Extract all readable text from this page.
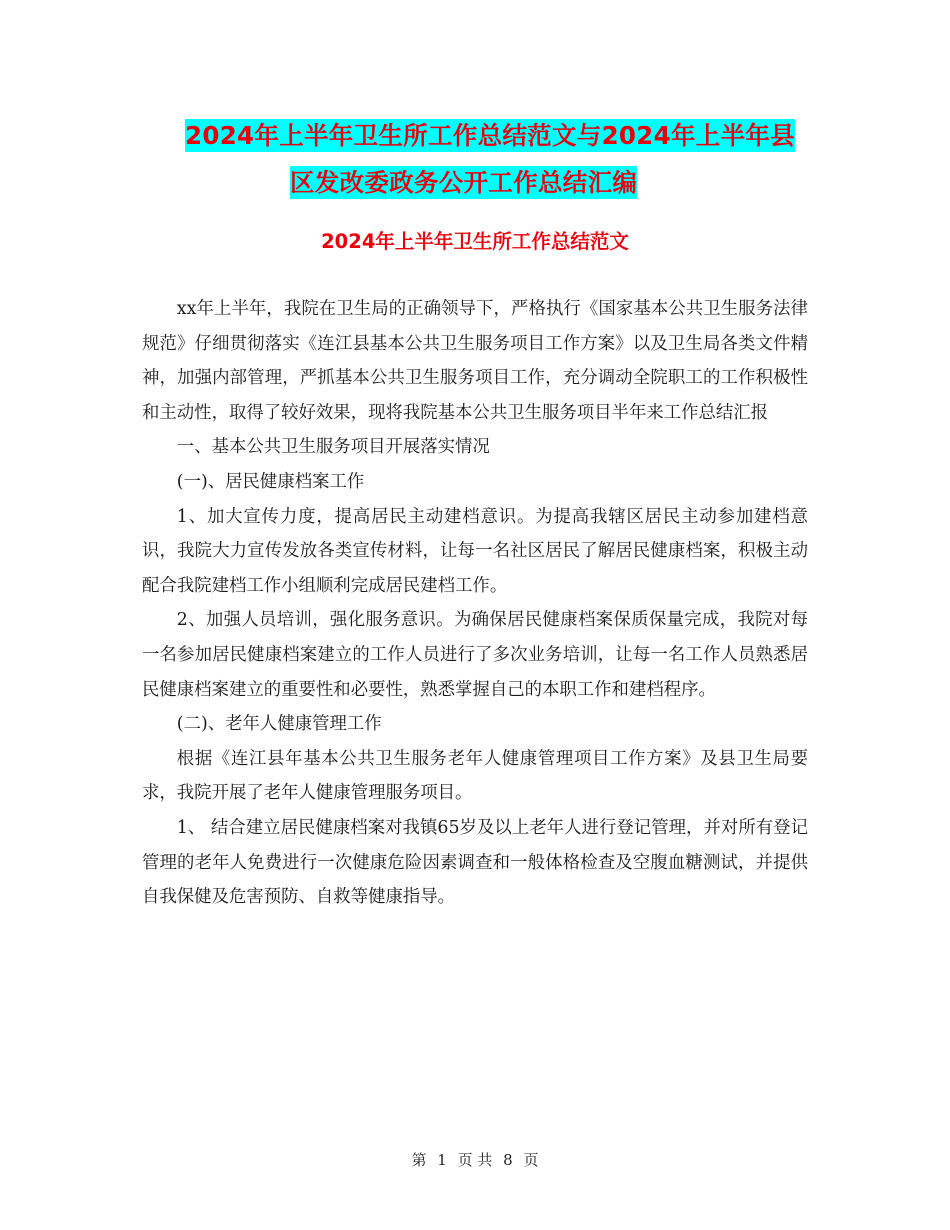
2024年上半年卫生所工作总结范文与2024年上半年县
区发改委政务公开工作总结汇编
2024年上半年卫生所工作总结范文

xx年上半年，我院在卫生局的正确领导下，严格执行《国家基本公共卫生服务法律规范》仔细贯彻落实《连江县基本公共卫生服务项目工作方案》以及卫生局各类文件精神，加强内部管理，严抓基本公共卫生服务项目工作，充分调动全院职工的工作积极性和主动性，取得了较好效果，现将我院基本公共卫生服务项目半年来工作总结汇报

一、基本公共卫生服务项目开展落实情况

(一)、居民健康档案工作

1、加大宣传力度，提高居民主动建档意识。为提高我辖区居民主动参加建档意识，我院大力宣传发放各类宣传材料，让每一名社区居民了解居民健康档案，积极主动配合我院建档工作小组顺利完成居民建档工作。

2、加强人员培训，强化服务意识。为确保居民健康档案保质保量完成，我院对每一名参加居民健康档案建立的工作人员进行了多次业务培训，让每一名工作人员熟悉居民健康档案建立的重要性和必要性，熟悉掌握自己的本职工作和建档程序。

(二)、老年人健康管理工作

根据《连江县年基本公共卫生服务老年人健康管理项目工作方案》及县卫生局要求，我院开展了老年人健康管理服务项目。

1、 结合建立居民健康档案对我镇65岁及以上老年人进行登记管理，并对所有登记管理的老年人免费进行一次健康危险因素调查和一般体格检查及空腹血糖测试，并提供自我保健及危害预防、自救等健康指导。

第 1 页 共 8 页
